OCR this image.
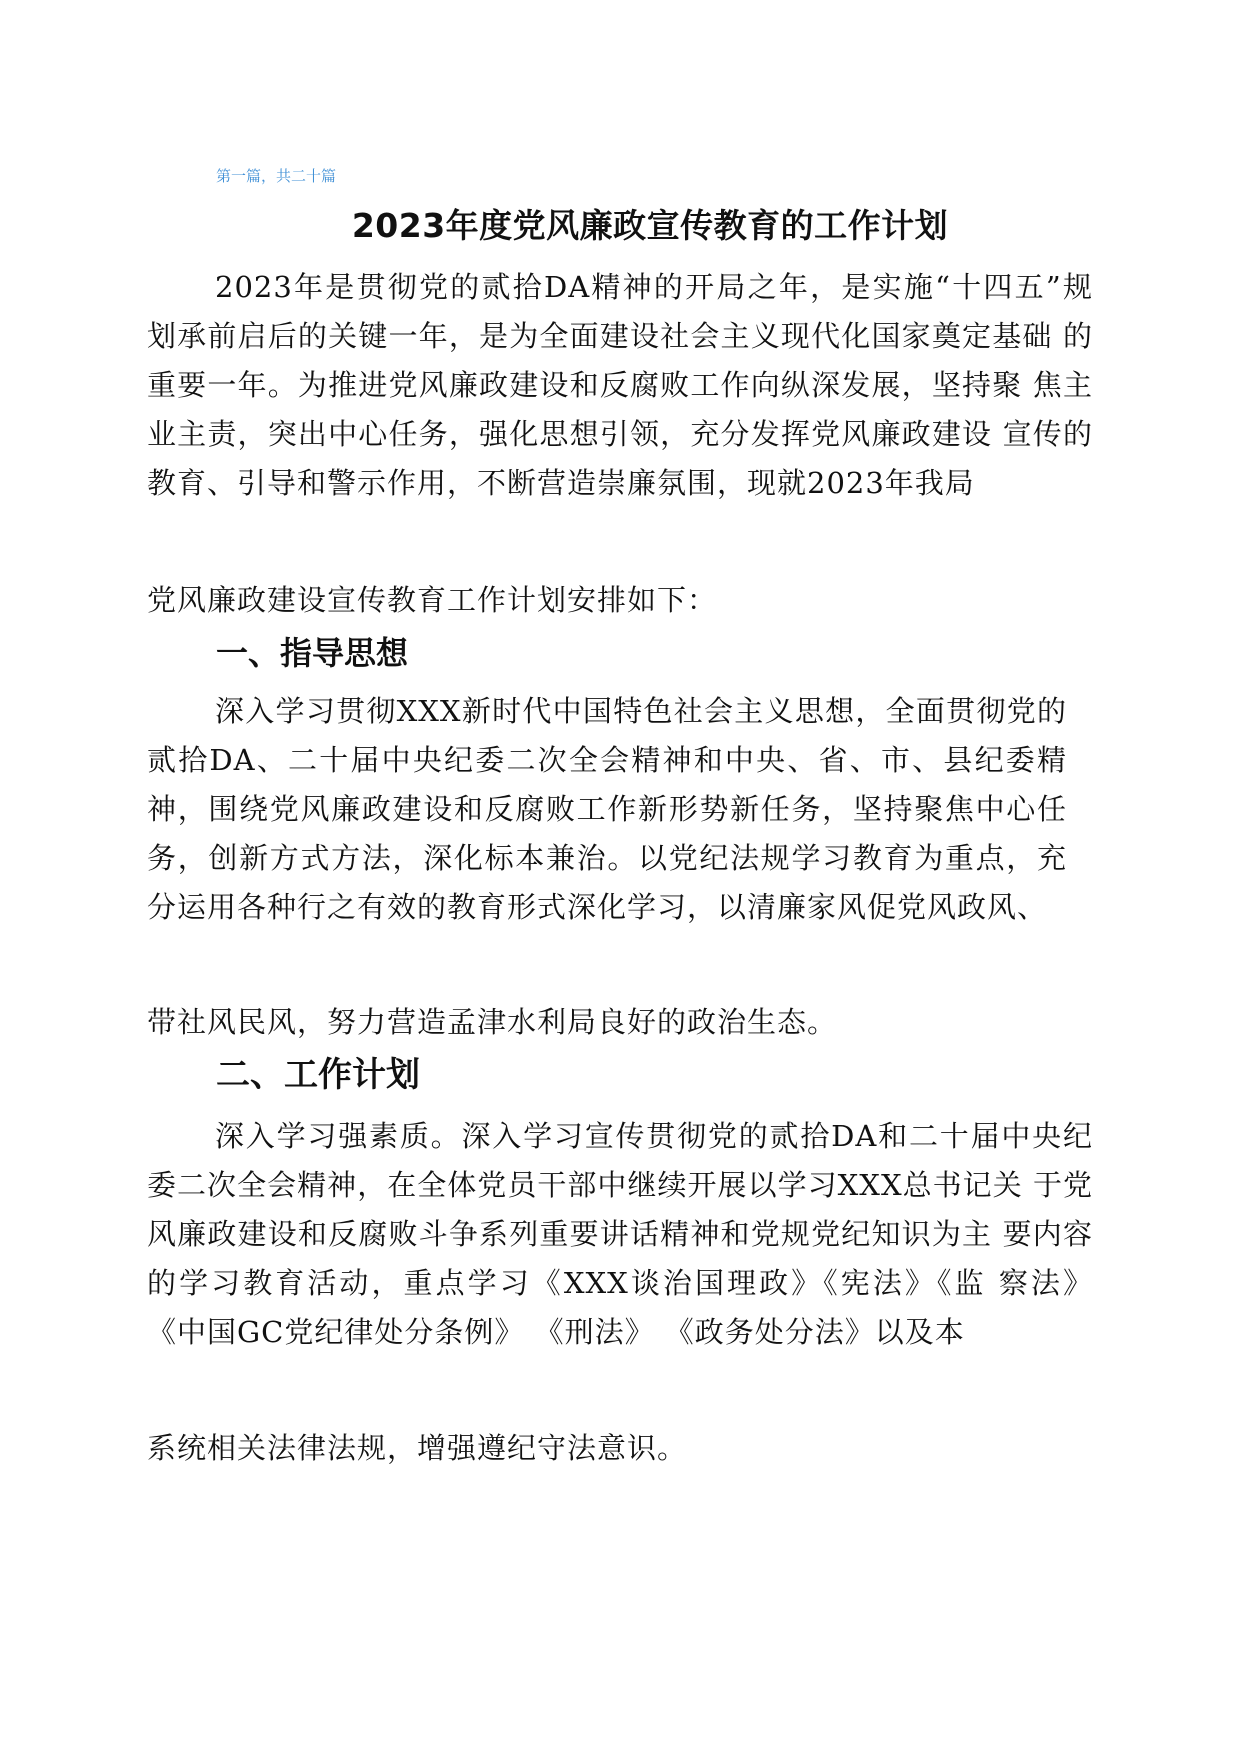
第一篇，共二十篇
2023年度党风廉政宣传教育的工作计划
2023年是贯彻党的贰拾DA精神的开局之年，是实施“十四五”规 划承前启后的关键一年，是为全面建设社会主义现代化国家奠定基础 的重要一年。为推进党风廉政建设和反腐败工作向纵深发展，坚持聚 焦主业主责，突出中心任务，强化思想引领，充分发挥党风廉政建设 宣传的教育、引导和警示作用，不断营造崇廉氛围，现就2023年我局
党风廉政建设宣传教育工作计划安排如下：
一、指导思想
深入学习贯彻XXX新时代中国特色社会主义思想，全面贯彻党的贰拾DA、二十届中央纪委二次全会精神和中央、省、市、县纪委精 神，围绕党风廉政建设和反腐败工作新形势新任务，坚持聚焦中心任 务，创新方式方法，深化标本兼治。以党纪法规学习教育为重点，充 分运用各种行之有效的教育形式深化学习，以清廉家风促党风政风、
带社风民风，努力营造孟津水利局良好的政治生态。
二、工作计划
深入学习强素质。深入学习宣传贯彻党的贰拾DA和二十届中央纪 委二次全会精神，在全体党员干部中继续开展以学习XXX总书记关 于党风廉政建设和反腐败斗争系列重要讲话精神和党规党纪知识为主 要内容的学习教育活动，重点学习《XXX谈治国理政》《宪法》《监 察法》 《中国GC党纪律处分条例》 《刑法》 《政务处分法》以及本
系统相关法律法规，增强遵纪守法意识。
